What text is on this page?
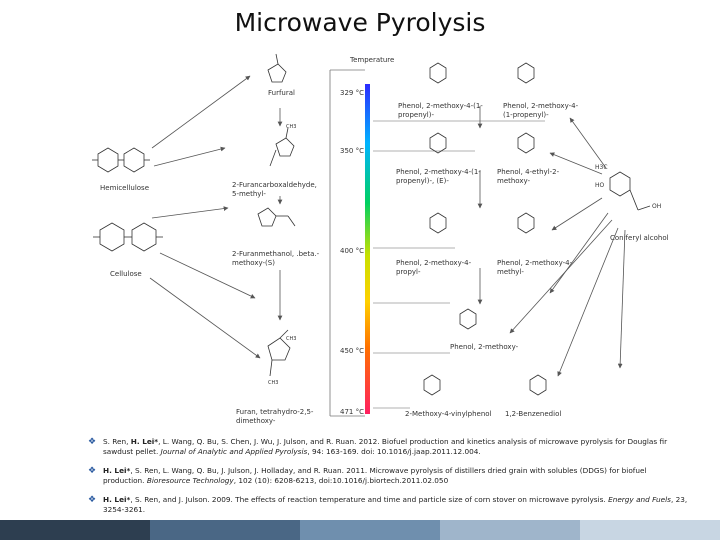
Microwave Pyrolysis
Hemicellulose
Cellulose
Furfural
CH3
CH3
CH3
H3C
HO
OH
Coniferyl alcohol
Temperature
329 °C
350 °C
400 °C
450 °C
471 °C
2-Furancarboxaldehyde, 5-methyl-
2-Furanmethanol, .beta.-methoxy-(S)
Furan, tetrahydro-2,5-dimethoxy-
Phenol, 2-methoxy-4-(1-propenyl)-
Phenol, 2-methoxy-4-(1-propenyl)-
Phenol, 2-methoxy-4-(1-propenyl)-, (E)-
Phenol, 4-ethyl-2-methoxy-
Phenol, 2-methoxy-4-propyl-
Phenol, 2-methoxy-4-methyl-
Phenol, 2-methoxy-
2-Methoxy-4-vinylphenol	1,2-Benzenediol
❖ S. Ren, H. Lei*, L. Wang, Q. Bu, S. Chen, J. Wu, J. Julson, and R. Ruan. 2012. Biofuel production and kinetics analysis of microwave pyrolysis for Douglas fir sawdust pellet. Journal of Analytic and Applied Pyrolysis, 94: 163-169. doi: 10.1016/j.jaap.2011.12.004.
❖ H. Lei*, S. Ren, L. Wang, Q. Bu, J. Julson, J. Holladay, and R. Ruan. 2011. Microwave pyrolysis of distillers dried grain with solubles (DDGS) for biofuel production. Bioresource Technology, 102 (10): 6208-6213, doi:10.1016/j.biortech.2011.02.050
❖ H. Lei*, S. Ren, and J. Julson. 2009. The effects of reaction temperature and time and particle size of corn stover on microwave pyrolysis. Energy and Fuels, 23, 3254-3261.
